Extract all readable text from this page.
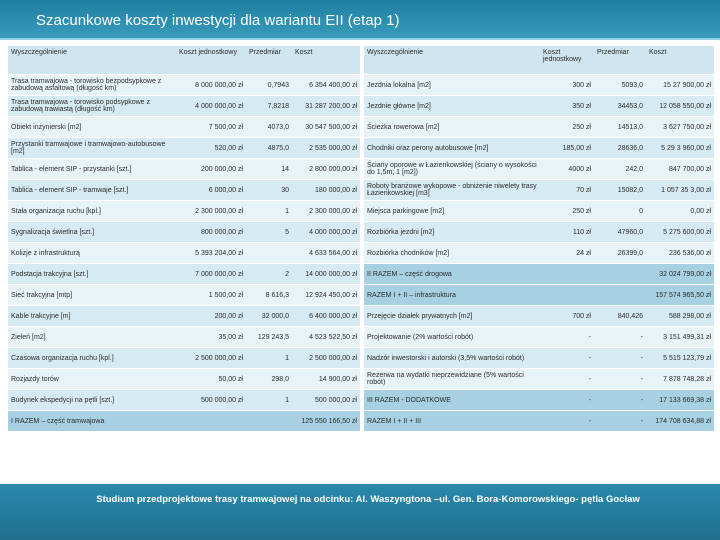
Szacunkowe koszty inwestycji dla wariantu EII (etap 1)
Wyszczególnienie	Koszt jednostkowy	Przedmiar	Koszt
Trasa tramwajowa - torowisko bezpodsypkowe z zabudową asfaltową (długość km)	8 000 000,00 zł	0,7943	6 354 400,00 zł
Trasa tramwajowa - torowisko podsypkowe z zabudową trawiastą (długość km)	4 000 000,00 zł	7,8218	31 287 200,00 zł
Obiekt inżynierski [m2]	7 500,00 zł	4073,0	30 547 500,00 zł
Przystanki tramwajowe i tramwajowo-autobusowe [m2]	520,00 zł	4875,0	2 535 000,00 zł
Tablica - element SIP - przystanki [szt.]	200 000,00 zł	14	2 800 000,00 zł
Tablica - element SIP - tramwaje [szt.]	6 000,00 zł	30	180 000,00 zł
Stała organizacja ruchu [kpl.]	2 300 000,00 zł	1	2 300 000,00 zł
Sygnalizacja świetlna [szt.]	800 000,00 zł	5	4 000 000,00 zł
Kolizje z infrastrukturą	5 393 204,00 zł		4 633 564,00 zł
Podstacja trakcyjna [szt.]	7 000 000,00 zł	2	14 000 000,00 zł
Sieć trakcyjna [mtp]	1 500,00 zł	8 616,3	12 924 450,00 zł
Kable trakcyjne [m]	200,00 zł	32 000,0	6 400 000,00 zł
Zieleń [m2]	35,00 zł	129 243,5	4 523 522,50 zł
Czasowa organizacja ruchu [kpl.]	2 500 000,00 zł	1	2 500 000,00 zł
Rozjazdy torów	50,00 zł	298,0	14 900,00 zł
Budynek ekspedycji na pętli [szt.]	500 000,00 zł	1	500 000,00 zł
I RAZEM – część tramwajowa			125 550 166,50 zł
Wyszczególnienie	Koszt jednostkowy	Przedmiar	Koszt
Jezdnia lokalna [m2]	300 zł	5093,0	15 27 900,00 zł
Jezdnie główne [m2]	350 zł	34453,0	12 058 550,00 zł
Ścieżka rowerowa [m2]	250 zł	14513,0	3 627 750,00 zł
Chodniki oraz perony autobusowe [m2]	185,00 zł	28636,0	5 29 3 960,00 zł
Ściany oporowe w Łazienkowskiej (ściany o wysokości do 1,5m; 1 [m2])	4000 zł	242,0	847 700,00 zł
Roboty branżowe wykopowe - obniżenie niwelety trasy Łazienkowskiej [m3]	70 zł	15082,0	1 057 35 3,00 zł
Miejsca parkingowe [m2]	250 zł	0	0,00 zł
Rozbiórka jezdni [m2]	110 zł	47960,0	5 275 600,00 zł
Rozbiórka chodników [m2]	24 zł	26399,0	236 536,00 zł
II RAZEM – część drogowa			32 024 799,00 zł
RAZEM I + II – infrastruktura			157 574 965,50 zł
Przejęcie działek prywatnych [m2]	700 zł	840,426	588 298,00 zł
Projektowanie (2% wartości robót)	-	-	3 151 499,31 zł
Nadzór inwestorski i autorski (3,5% wartości robót)	-	-	5 515 123,79 zł
Rezerwa na wydatki nieprzewidziane (5% wartości robót)	-	-	7 878 748,28 zł
III RAZEM - DODATKOWE	-	-	17 133 669,38 zł
RAZEM I + II + III	-	-	174 708 634,88 zł
Studium przedprojektowe trasy tramwajowej na odcinku: Al. Waszyngtona –ul. Gen. Bora-Komorowskiego- pętla Gocław
